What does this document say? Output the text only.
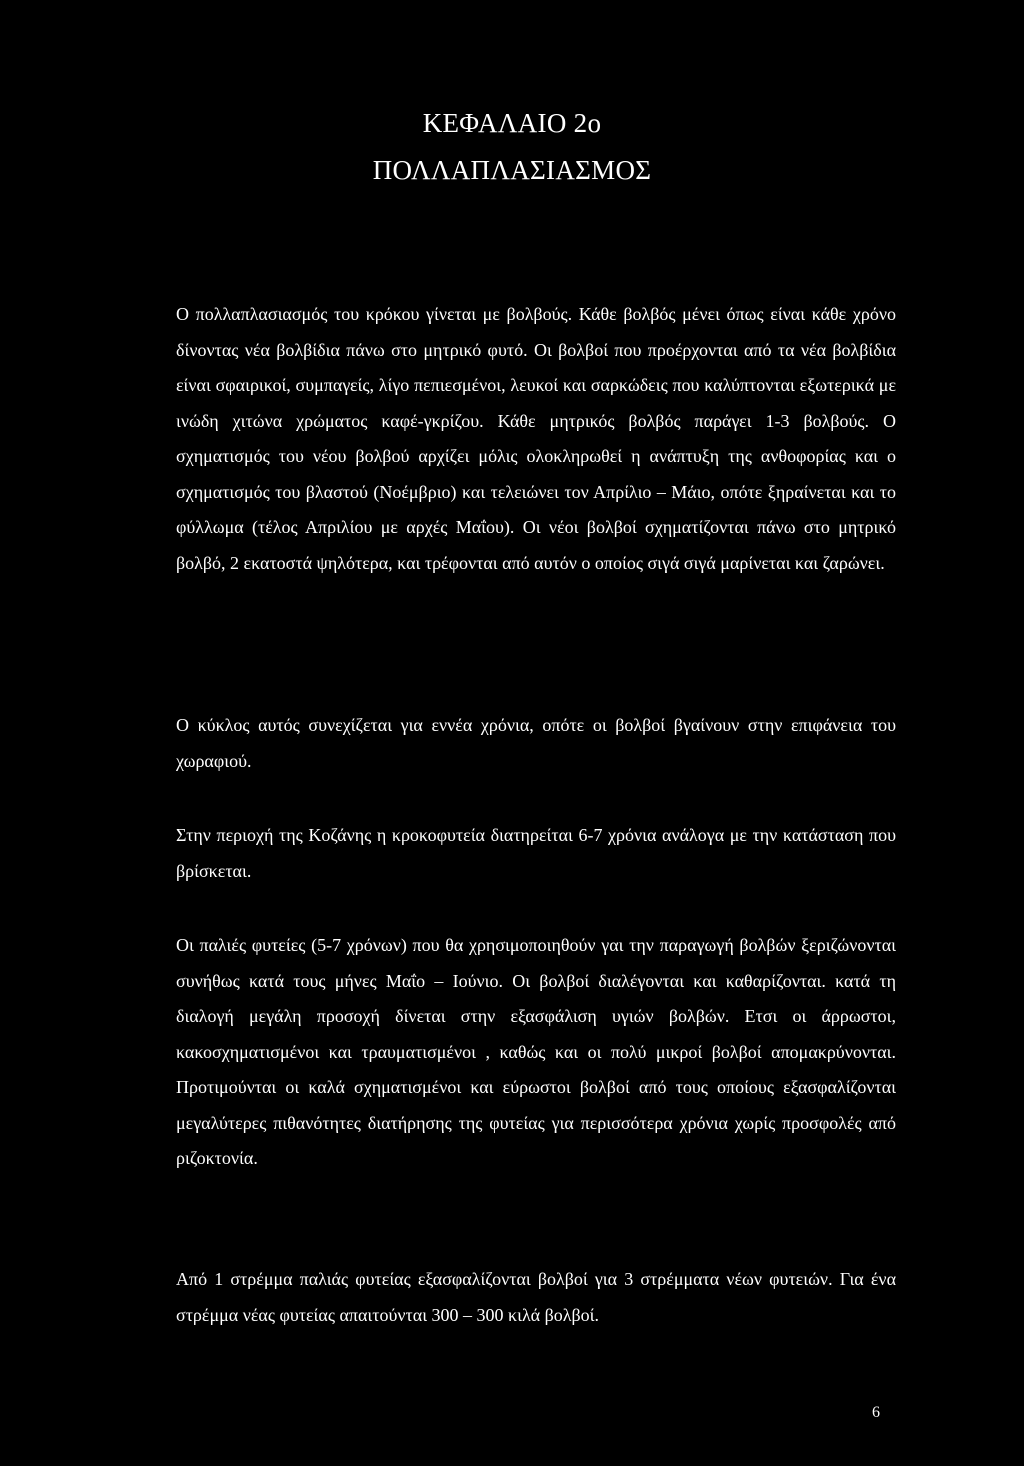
ΚΕΦΑΛΑΙΟ 2ο
ΠΟΛΛΑΠΛΑΣΙΑΣΜΟΣ

Ο πολλαπλασιασμός του κρόκου γίνεται με βολβούς. Κάθε βολβός μένει όπως είναι κάθε χρόνο δίνοντας νέα βολβίδια πάνω στο μητρικό φυτό. Οι βολβοί που προέρχονται από τα νέα βολβίδια είναι σφαιρικοί, συμπαγείς, λίγο πεπιεσμένοι, λευκοί και σαρκώδεις που καλύπτονται εξωτερικά με ινώδη χιτώνα χρώματος καφέ-γκρίζου. Κάθε μητρικός βολβός παράγει 1-3 βολβούς. Ο σχηματισμός του νέου βολβού αρχίζει μόλις ολοκληρωθεί η ανάπτυξη της ανθοφορίας και ο σχηματισμός του βλαστού (Νοέμβριο) και τελειώνει τον Απρίλιο – Μάιο, οπότε ξηραίνεται και το φύλλωμα (τέλος Απριλίου με αρχές Μαΐου). Οι νέοι βολβοί σχηματίζονται πάνω στο μητρικό βολβό, 2 εκατοστά ψηλότερα, και τρέφονται από αυτόν ο οποίος σιγά σιγά μαρίνεται και ζαρώνει.

Ο κύκλος αυτός συνεχίζεται για εννέα χρόνια, οπότε οι βολβοί βγαίνουν στην επιφάνεια του χωραφιού.

Στην περιοχή της Κοζάνης η κροκοφυτεία διατηρείται 6-7 χρόνια ανάλογα με την κατάσταση που βρίσκεται.

Οι παλιές φυτείες (5-7 χρόνων) που θα χρησιμοποιηθούν γαι την παραγωγή βολβών ξεριζώνονται συνήθως κατά τους μήνες Μαΐο – Ιούνιο. Οι βολβοί διαλέγονται και καθαρίζονται. κατά τη διαλογή μεγάλη προσοχή δίνεται στην εξασφάλιση υγιών βολβών. Ετσι οι άρρωστοι, κακοσχηματισμένοι και τραυματισμένοι , καθώς και οι πολύ μικροί βολβοί απομακρύνονται. Προτιμούνται οι καλά σχηματισμένοι και εύρωστοι βολβοί από τους οποίους εξασφαλίζονται μεγαλύτερες πιθανότητες διατήρησης της φυτείας για περισσότερα χρόνια χωρίς προσφολές από ριζοκτονία.

Από 1 στρέμμα παλιάς φυτείας εξασφαλίζονται βολβοί για 3 στρέμματα νέων φυτειών. Για ένα στρέμμα νέας φυτείας απαιτούνται 300 – 300 κιλά βολβοί.

6
